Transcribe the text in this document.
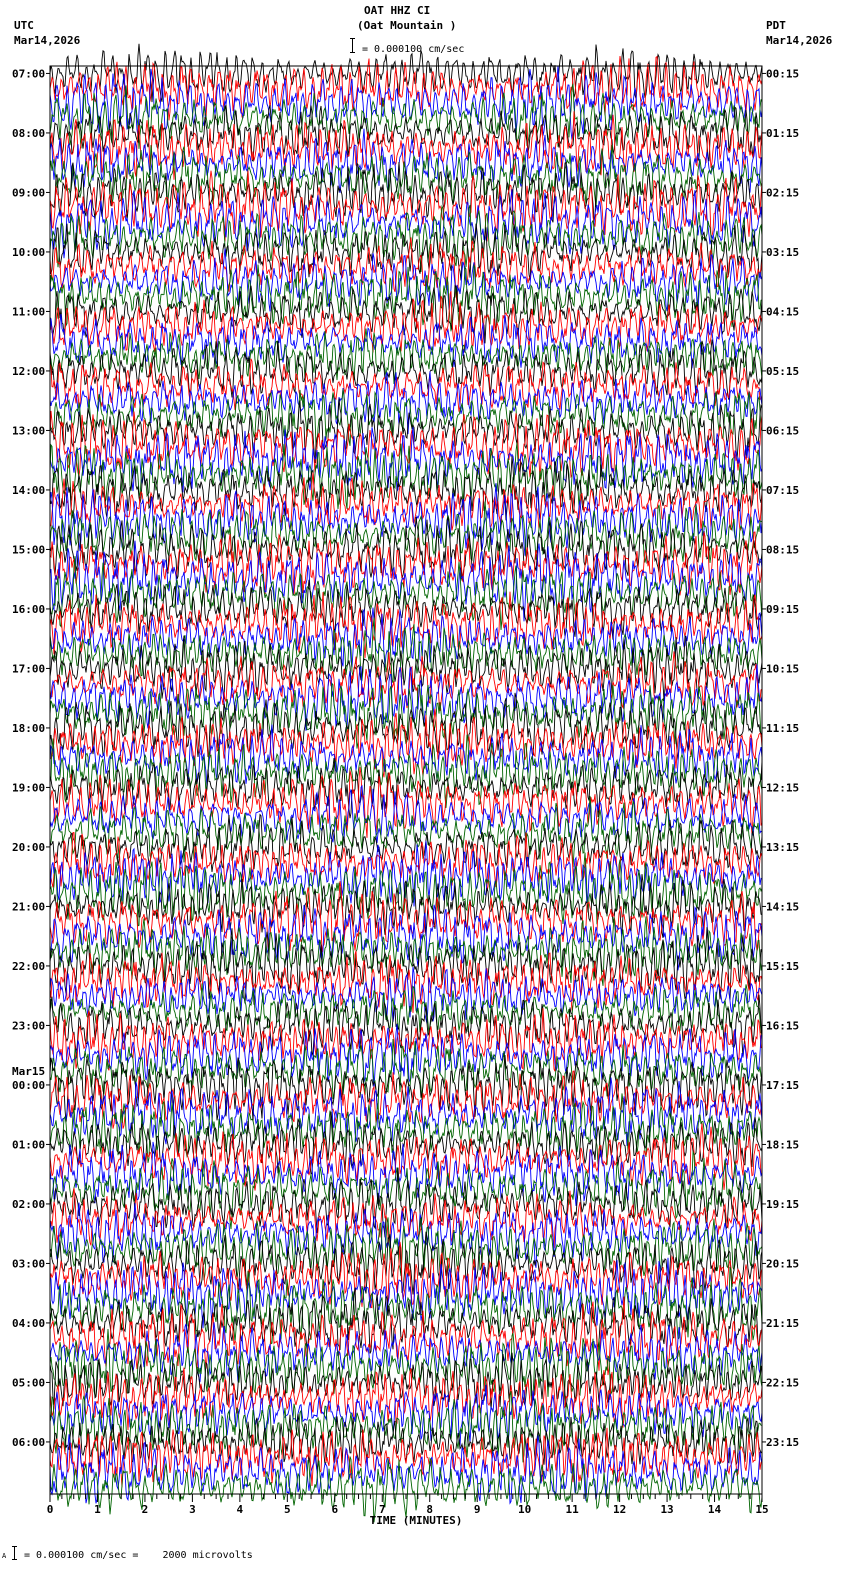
OAT HHZ CI
(Oat Mountain )
= 0.000100 cm/sec
UTC
Mar14,2026
PDT
Mar14,2026
0	1	2	3	4	5	6	7	8	9	10	11	12	13	14	15
TIME (MINUTES)
07:00	00:15
08:00	01:15
09:00	02:15
10:00	03:15
11:00	04:15
12:00	05:15
13:00	06:15
14:00	07:15
15:00	08:15
16:00	09:15
17:00	10:15
18:00	11:15
19:00	12:15
20:00	13:15
21:00	14:15
22:00	15:15
23:00	16:15
00:00	17:15
Mar15
01:00	18:15
02:00	19:15
03:00	20:15
04:00	21:15
05:00	22:15
06:00	23:15
A = 0.000100 cm/sec =    2000 microvolts
